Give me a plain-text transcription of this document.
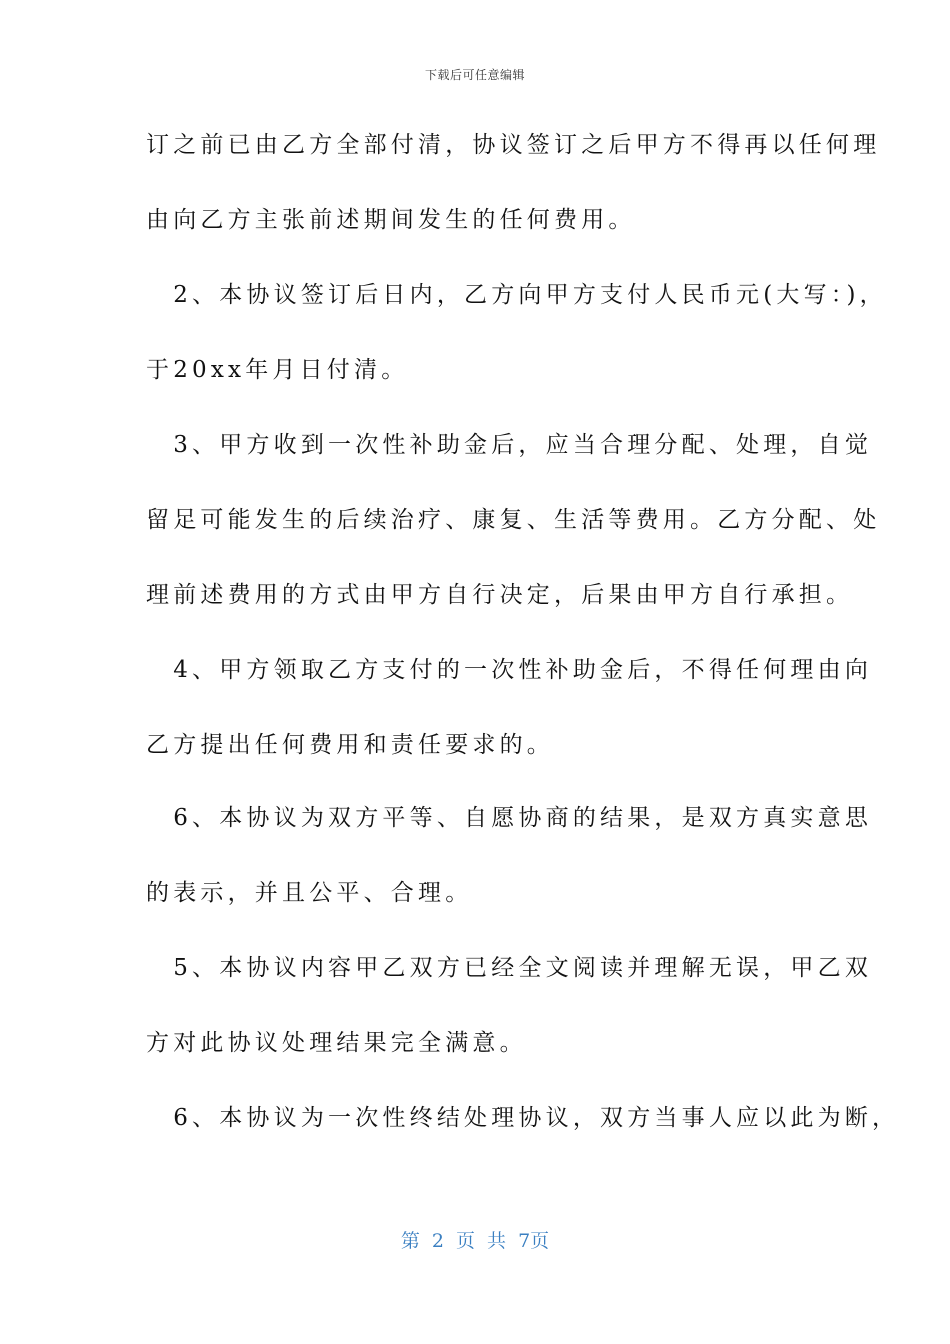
下载后可任意编辑
订之前已由乙方全部付清，协议签订之后甲方不得再以任何理
由向乙方主张前述期间发生的任何费用。
　2、本协议签订后日内，乙方向甲方支付人民币元(大写：)，
于20xx年月日付清。
　3、甲方收到一次性补助金后，应当合理分配、处理，自觉
留足可能发生的后续治疗、康复、生活等费用。乙方分配、处
理前述费用的方式由甲方自行决定，后果由甲方自行承担。
　4、甲方领取乙方支付的一次性补助金后，不得任何理由向
乙方提出任何费用和责任要求的。
　6、本协议为双方平等、自愿协商的结果，是双方真实意思
的表示，并且公平、合理。
　5、本协议内容甲乙双方已经全文阅读并理解无误，甲乙双
方对此协议处理结果完全满意。
　6、本协议为一次性终结处理协议，双方当事人应以此为断，
第 2 页 共 7页
